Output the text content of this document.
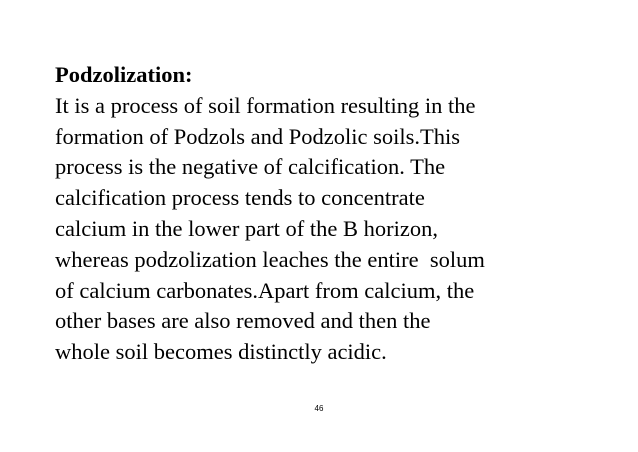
Podzolization:

It is a process of soil formation resulting in the

formation of Podzols and Podzolic soils.This

process is the negative of calcification. The

calcification process tends to concentrate

calcium in the lower part of the B horizon,

whereas podzolization leaches the entire  solum

of calcium carbonates.Apart from calcium, the

other bases are also removed and then the

whole soil becomes distinctly acidic.

46
